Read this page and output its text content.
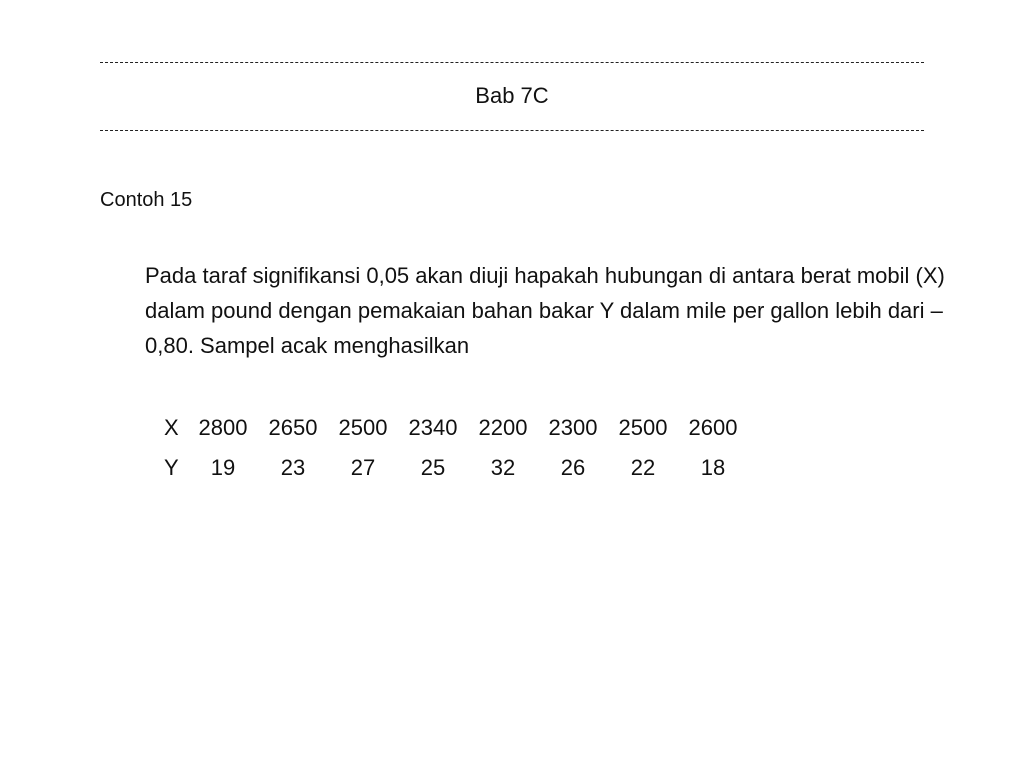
Bab 7C
Contoh 15
Pada taraf signifikansi 0,05 akan diuji hapakah hubungan di antara berat mobil (X) dalam pound dengan pemakaian bahan bakar Y dalam mile per gallon lebih dari – 0,80. Sampel acak menghasilkan
X	2800	2650	2500	2340	2200	2300	2500	2600
Y	19	23	27	25	32	26	22	18
